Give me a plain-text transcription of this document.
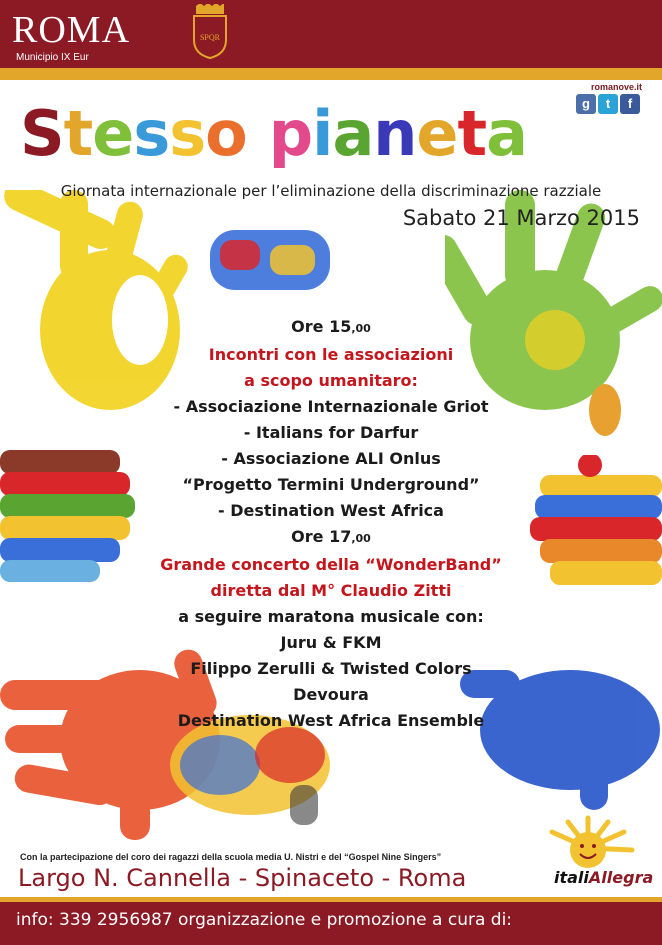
ROMA
Municipio IX Eur
SPQR
romanove.it
g	t	f
Stesso pianeta
Giornata internazionale per l’eliminazione della discriminazione razziale
Sabato 21 Marzo 2015
Ore 15,00
Incontri con le associazioni
a scopo umanitaro:
- Associazione Internazionale Griot
- Italians for Darfur
- Associazione ALI Onlus
“Progetto Termini Underground”
- Destination West Africa
Ore 17,00
Grande concerto della “WonderBand”
diretta dal M° Claudio Zitti
a seguire maratona musicale con:
Juru & FKM
Filippo Zerulli & Twisted Colors
Devoura
Destination West Africa Ensemble
Con la partecipazione del coro dei ragazzi della scuola media U. Nistri e del “Gospel Nine Singers”
Largo N. Cannella - Spinaceto - Roma	italiAllegra
info: 339 2956987 organizzazione e promozione a cura di:
